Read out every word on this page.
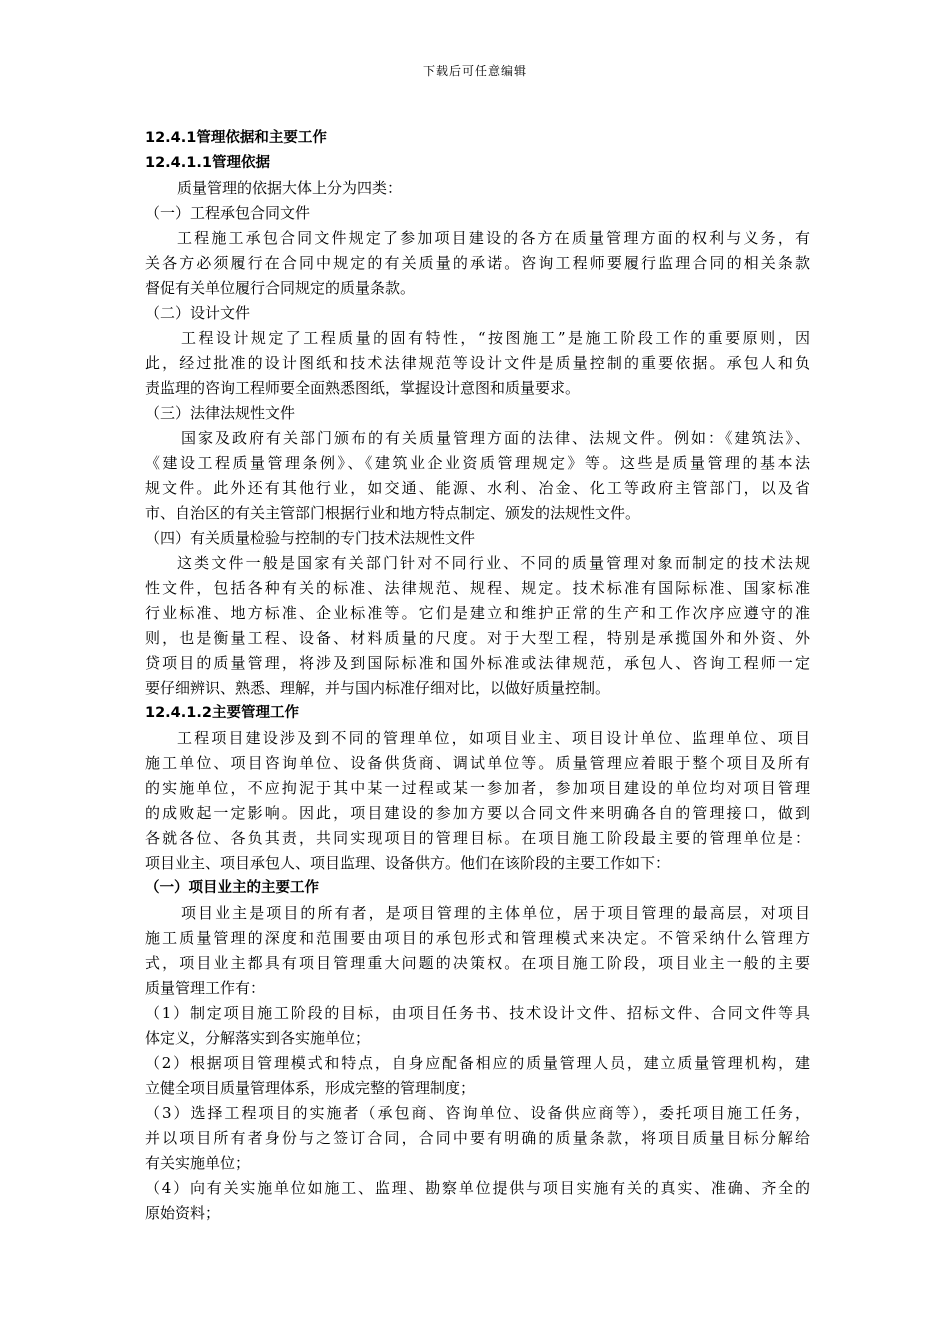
下载后可任意编辑
12.4.1管理依据和主要工作
12.4.1.1管理依据
质量管理的依据大体上分为四类：
（一）工程承包合同文件
工程施工承包合同文件规定了参加项目建设的各方在质量管理方面的权利与义务，有
关各方必须履行在合同中规定的有关质量的承诺。咨询工程师要履行监理合同的相关条款
督促有关单位履行合同规定的质量条款。
（二）设计文件
工程设计规定了工程质量的固有特性，“按图施工”是施工阶段工作的重要原则，因
此，经过批准的设计图纸和技术法律规范等设计文件是质量控制的重要依据。承包人和负
责监理的咨询工程师要全面熟悉图纸，掌握设计意图和质量要求。
（三）法律法规性文件
国家及政府有关部门颁布的有关质量管理方面的法律、法规文件。例如：《建筑法》、
《建设工程质量管理条例》、《建筑业企业资质管理规定》等。这些是质量管理的基本法
规文件。此外还有其他行业，如交通、能源、水利、冶金、化工等政府主管部门，以及省
市、自治区的有关主管部门根据行业和地方特点制定、颁发的法规性文件。
（四）有关质量检验与控制的专门技术法规性文件
这类文件一般是国家有关部门针对不同行业、不同的质量管理对象而制定的技术法规
性文件，包括各种有关的标准、法律规范、规程、规定。技术标准有国际标准、国家标准
行业标准、地方标准、企业标准等。它们是建立和维护正常的生产和工作次序应遵守的准
则，也是衡量工程、设备、材料质量的尺度。对于大型工程，特别是承揽国外和外资、外
贷项目的质量管理，将涉及到国际标准和国外标准或法律规范，承包人、咨询工程师一定
要仔细辨识、熟悉、理解，并与国内标准仔细对比，以做好质量控制。
12.4.1.2主要管理工作
工程项目建设涉及到不同的管理单位，如项目业主、项目设计单位、监理单位、项目
施工单位、项目咨询单位、设备供货商、调试单位等。质量管理应着眼于整个项目及所有
的实施单位，不应拘泥于其中某一过程或某一参加者，参加项目建设的单位均对项目管理
的成败起一定影响。因此，项目建设的参加方要以合同文件来明确各自的管理接口，做到
各就各位、各负其责，共同实现项目的管理目标。在项目施工阶段最主要的管理单位是：
项目业主、项目承包人、项目监理、设备供方。他们在该阶段的主要工作如下：
（一）项目业主的主要工作
项目业主是项目的所有者，是项目管理的主体单位，居于项目管理的最高层，对项目
施工质量管理的深度和范围要由项目的承包形式和管理模式来决定。不管采纳什么管理方
式，项目业主都具有项目管理重大问题的决策权。在项目施工阶段，项目业主一般的主要
质量管理工作有：
（1）制定项目施工阶段的目标，由项目任务书、技术设计文件、招标文件、合同文件等具
体定义，分解落实到各实施单位；
（2）根据项目管理模式和特点，自身应配备相应的质量管理人员，建立质量管理机构，建
立健全项目质量管理体系，形成完整的管理制度；
（3）选择工程项目的实施者（承包商、咨询单位、设备供应商等），委托项目施工任务，
并以项目所有者身份与之签订合同，合同中要有明确的质量条款，将项目质量目标分解给
有关实施单位；
（4）向有关实施单位如施工、监理、勘察单位提供与项目实施有关的真实、准确、齐全的
原始资料；
